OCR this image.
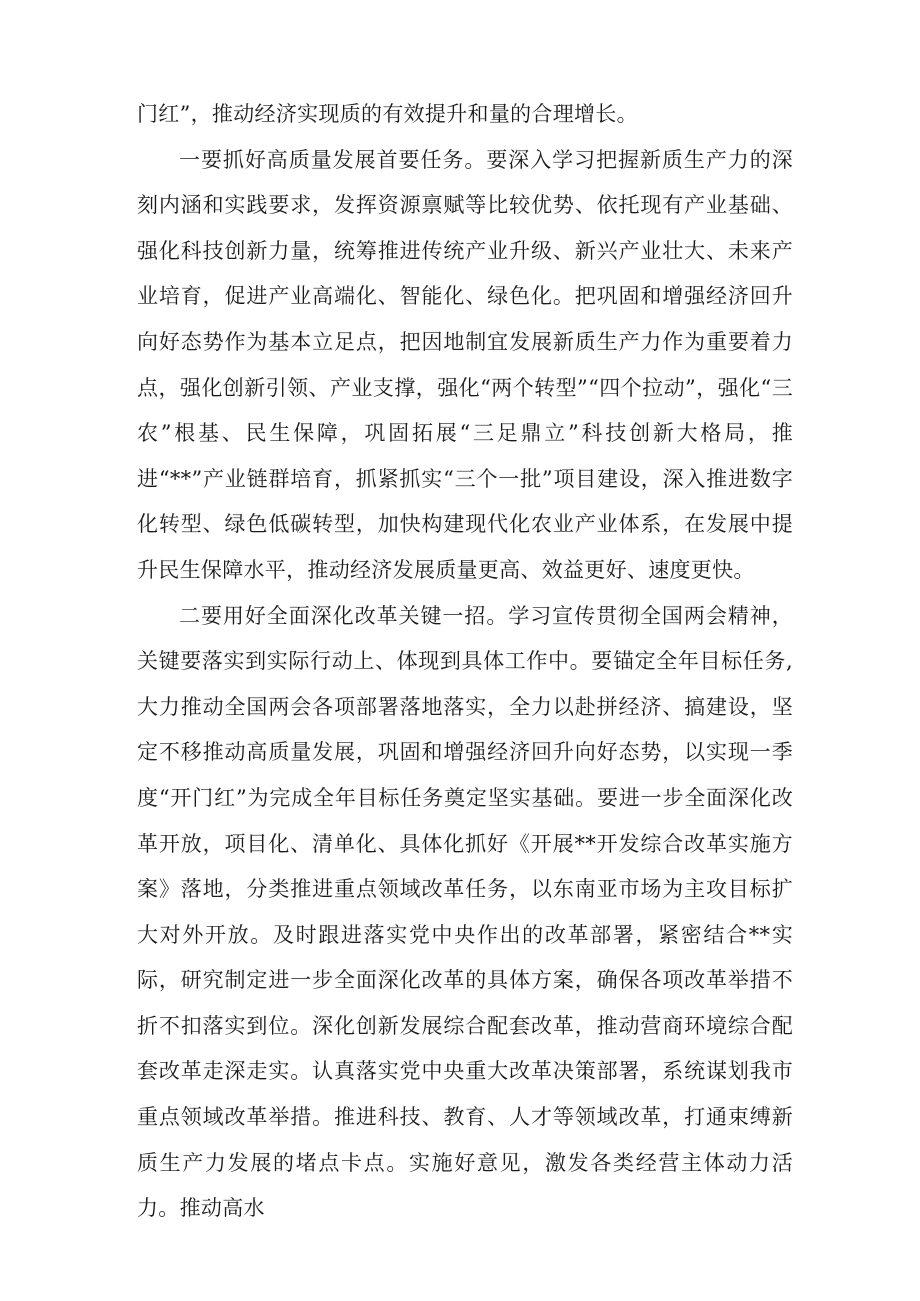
门红”，推动经济实现质的有效提升和量的合理增长。

一要抓好高质量发展首要任务。要深入学习把握新质生产力的深刻内涵和实践要求，发挥资源禀赋等比较优势、依托现有产业基础、强化科技创新力量，统筹推进传统产业升级、新兴产业壮大、未来产业培育，促进产业高端化、智能化、绿色化。把巩固和增强经济回升向好态势作为基本立足点，把因地制宜发展新质生产力作为重要着力点，强化创新引领、产业支撑，强化“两个转型”“四个拉动”，强化“三农”根基、民生保障，巩固拓展“三足鼎立”科技创新大格局，推进“**”产业链群培育，抓紧抓实“三个一批”项目建设，深入推进数字化转型、绿色低碳转型，加快构建现代化农业产业体系，在发展中提升民生保障水平，推动经济发展质量更高、效益更好、速度更快。

二要用好全面深化改革关键一招。学习宣传贯彻全国两会精神，关键要落实到实际行动上、体现到具体工作中。要锚定全年目标任务,大力推动全国两会各项部署落地落实，全力以赴拼经济、搞建设，坚定不移推动高质量发展，巩固和增强经济回升向好态势，以实现一季度“开门红”为完成全年目标任务奠定坚实基础。要进一步全面深化改革开放，项目化、清单化、具体化抓好《开展**开发综合改革实施方案》落地，分类推进重点领域改革任务，以东南亚市场为主攻目标扩大对外开放。及时跟进落实党中央作出的改革部署，紧密结合**实际，研究制定进一步全面深化改革的具体方案，确保各项改革举措不折不扣落实到位。深化创新发展综合配套改革，推动营商环境综合配套改革走深走实。认真落实党中央重大改革决策部署，系统谋划我市重点领域改革举措。推进科技、教育、人才等领域改革，打通束缚新质生产力发展的堵点卡点。实施好意见，激发各类经营主体动力活力。推动高水
